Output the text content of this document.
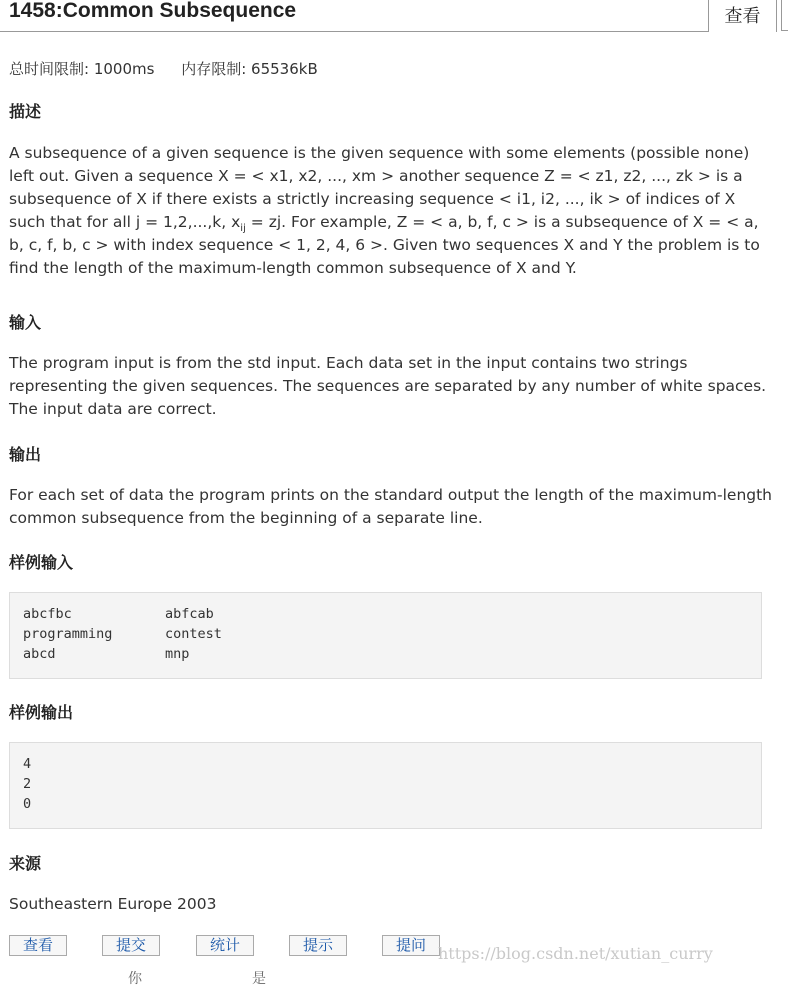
1458:Common Subsequence	查看
总时间限制: 1000ms 内存限制: 65536kB
描述

A subsequence of a given sequence is the given sequence with some elements (possible none) left out. Given a sequence X = < x1, x2, ..., xm > another sequence Z = < z1, z2, ..., zk > is a subsequence of X if there exists a strictly increasing sequence < i1, i2, ..., ik > of indices of X such that for all j = 1,2,...,k, $x_{ij}$ = zj. For example, Z = < a, b, f, c > is a subsequence of X = < a, b, c, f, b, c > with index sequence < 1, 2, 4, 6 >. Given two sequences X and Y the problem is to find the length of the maximum-length common subsequence of X and Y.

输入

The program input is from the std input. Each data set in the input contains two strings representing the given sequences. The sequences are separated by any number of white spaces. The input data are correct.

输出

For each set of data the program prints on the standard output the length of the maximum-length common subsequence from the beginning of a separate line.

样例输入
abcfbc	abfcab
programming	contest
abcd	mnp
样例输出
4
2
0
来源
Southeastern Europe 2003
查看	提交	统计	提示	提问 https://blog.csdn.net/xutian_curry
你	是
